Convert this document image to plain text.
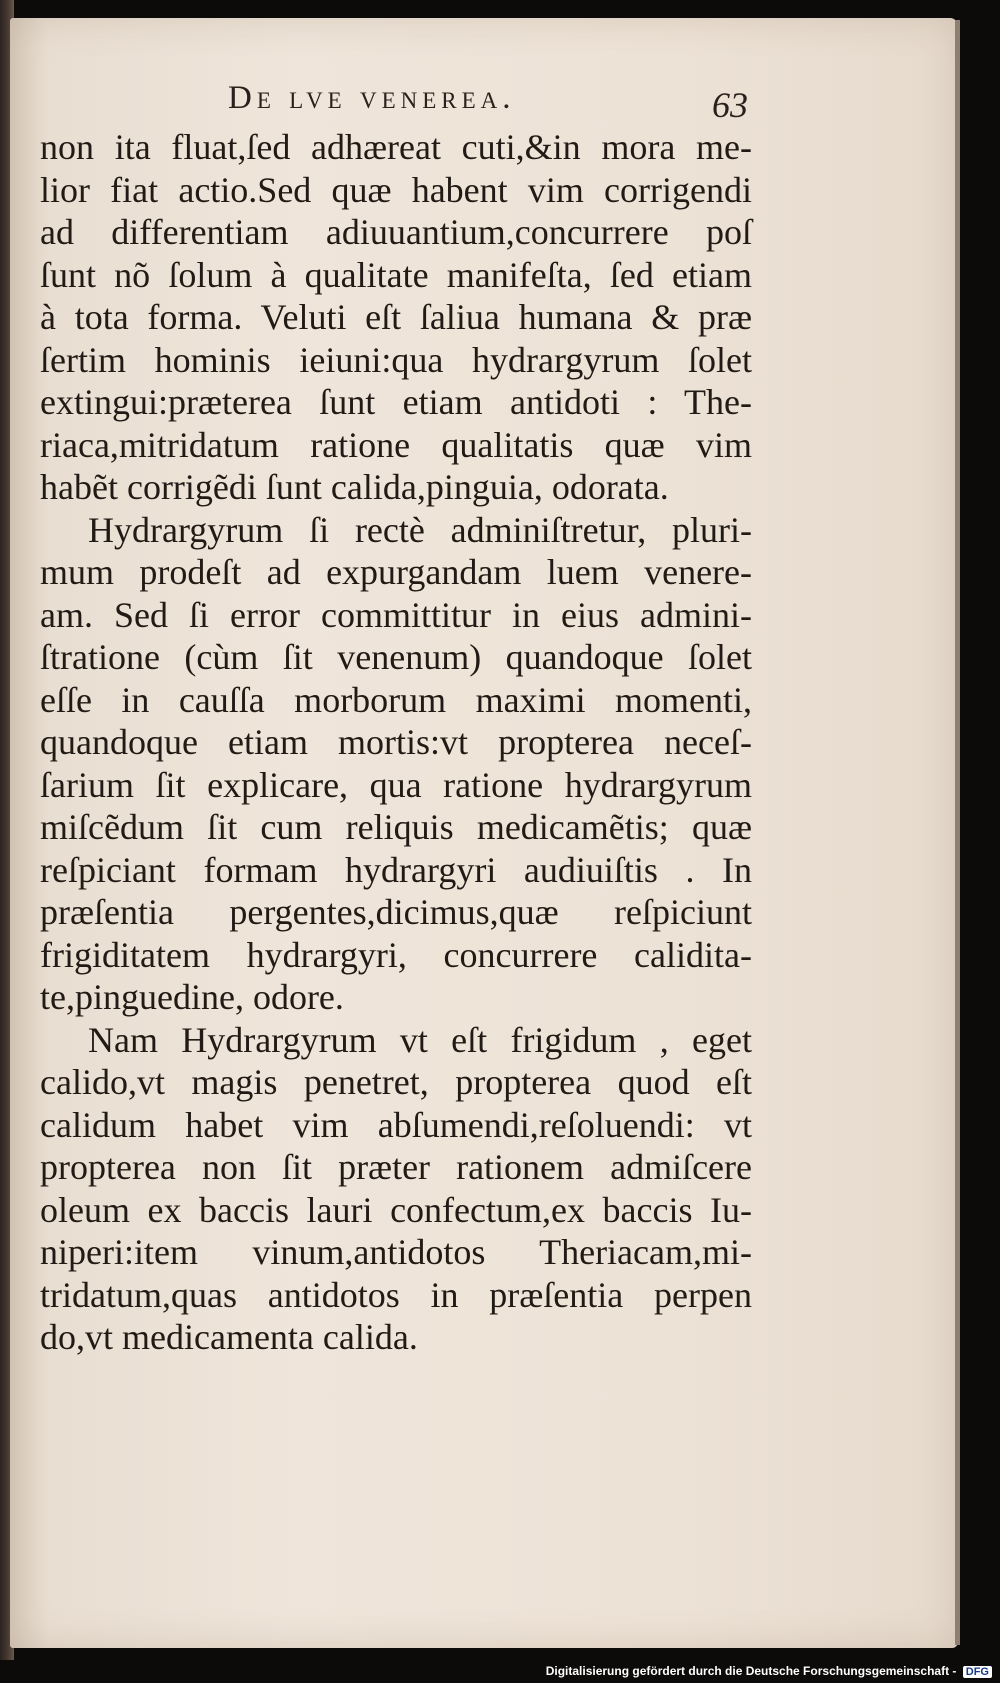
De lve venerea.	63
non ita fluat,ſed adhæreat cuti,&in mora me-
lior fiat actio.Sed quæ habent vim corrigendi
ad differentiam adiuuantium,concurrere poſ
ſunt nõ ſolum à qualitate manifeſta, ſed etiam
à tota forma. Veluti eſt ſaliua humana & præ
ſertim hominis ieiuni:qua hydrargyrum ſolet
extingui:præterea ſunt etiam antidoti : The-
riaca,mitridatum ratione qualitatis quæ vim
habẽt corrigẽdi ſunt calida,pinguia, odorata.
Hydrargyrum ſi rectè adminiſtretur, pluri-
mum prodeſt ad expurgandam luem venere-
am. Sed ſi error committitur in eius admini-
ſtratione (cùm ſit venenum) quandoque ſolet
eſſe in cauſſa morborum maximi momenti,
quandoque etiam mortis:vt propterea neceſ-
ſarium ſit explicare, qua ratione hydrargyrum
miſcẽdum ſit cum reliquis medicamẽtis; quæ
reſpiciant formam hydrargyri audiuiſtis . In
præſentia pergentes,dicimus,quæ reſpiciunt
frigiditatem hydrargyri, concurrere calidita-
te,pinguedine, odore.
Nam Hydrargyrum vt eſt frigidum , eget
calido,vt magis penetret, propterea quod eſt
calidum habet vim abſumendi,reſoluendi: vt
propterea non ſit præter rationem admiſcere
oleum ex baccis lauri confectum,ex baccis Iu-
niperi:item vinum,antidotos Theriacam,mi-
tridatum,quas antidotos in præſentia perpen
do,vt medicamenta calida.
Digitalisierung gefördert durch die Deutsche Forschungsgemeinschaft - DFG
